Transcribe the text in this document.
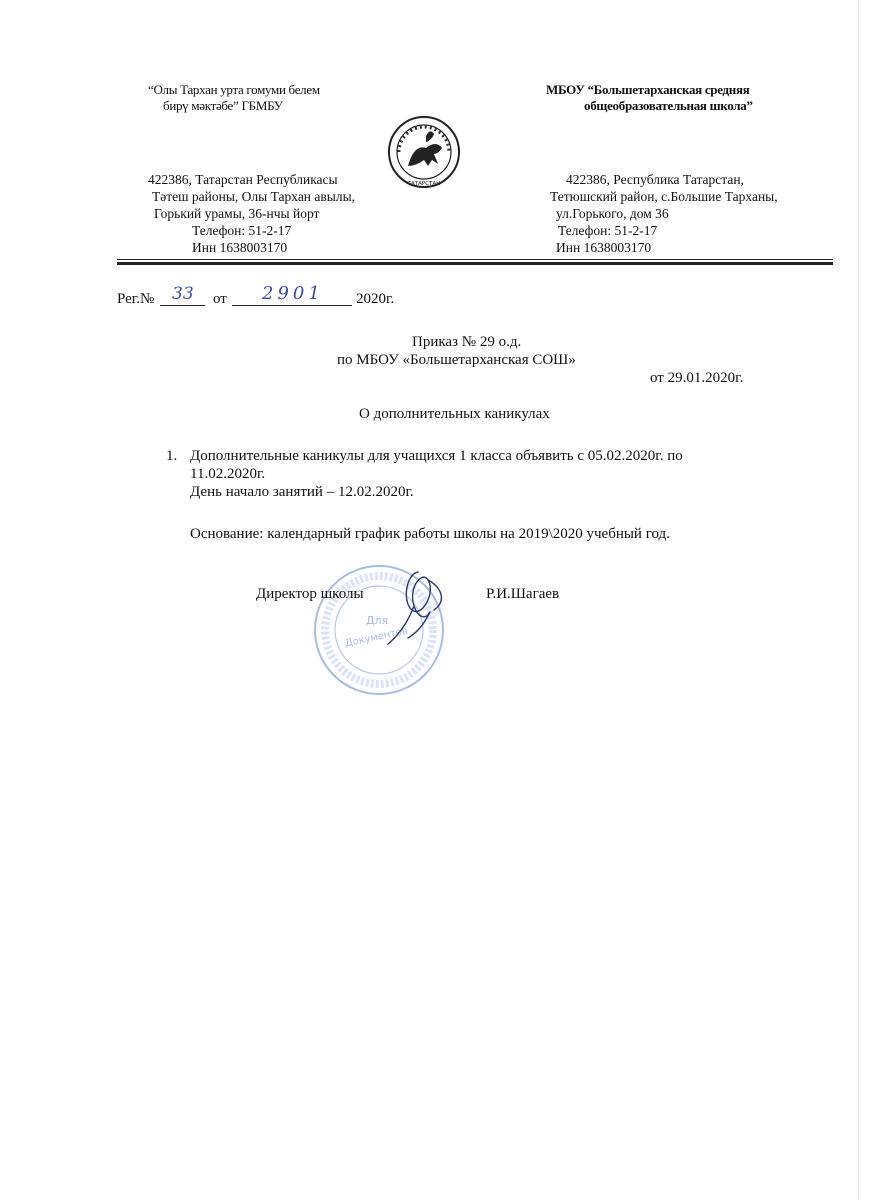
“Олы Тархан урта гомуми белем
бирү мәктәбе” ГБМБУ
МБОУ “Большетарханская средняя
общеобразовательная школа”
ТАТАРСТАН
422386, Татарстан Республикасы
Тәтеш районы, Олы Тархан авылы,
Горький урамы, 36-нчы йорт
Телефон: 51-2-17
Инн 1638003170
422386, Республика Татарстан,
Тетюшский район, с.Большие Тарханы,
ул.Горького, дом 36
Телефон: 51-2-17
Инн 1638003170
Рег.№ 33 от 2901 2020г.
Приказ № 29 о.д.
по МБОУ «Большетарханская СОШ»
от 29.01.2020г.
О дополнительных каникулах
1. Дополнительные каникулы для учащихся 1 класса объявить с 05.02.2020г. по
11.02.2020г.
День начало занятий – 12.02.2020г.
Основание: календарный график работы школы на 2019\2020 учебный год.
Для
Документов
Директор школы	Р.И.Шагаев
